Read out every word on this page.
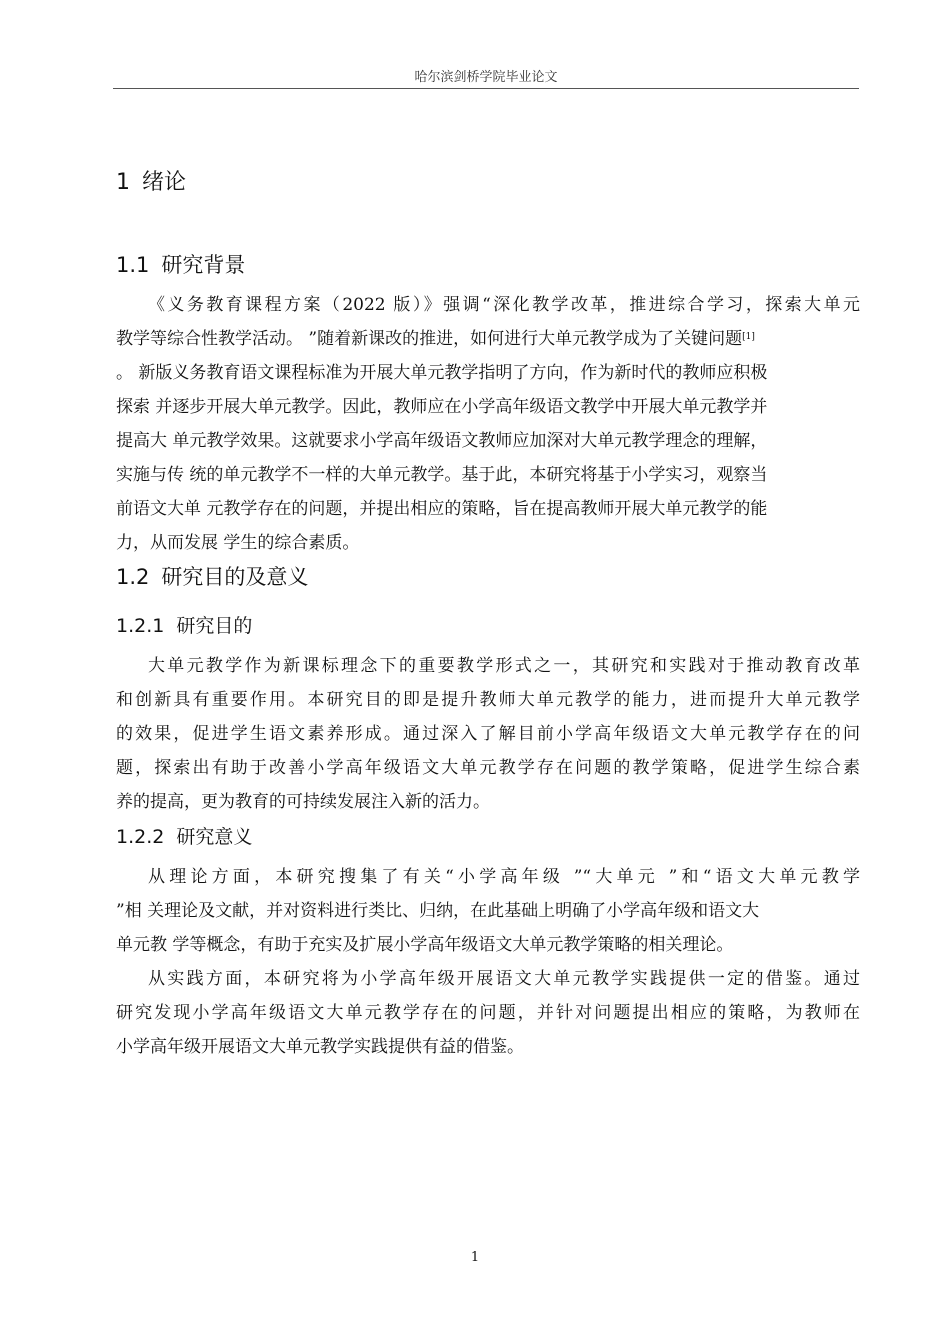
哈尔滨剑桥学院毕业论文
1 绪论
1.1 研究背景
《义务教育课程方案（2022 版）》强调“深化教学改革，推进综合学习，探索大单元
教学等综合性教学活动。 ”随着新课改的推进，如何进行大单元教学成为了关键问题[1]
。 新版义务教育语文课程标准为开展大单元教学指明了方向，作为新时代的教师应积极
探索 并逐步开展大单元教学。因此，教师应在小学高年级语文教学中开展大单元教学并
提高大 单元教学效果。这就要求小学高年级语文教师应加深对大单元教学理念的理解，
实施与传 统的单元教学不一样的大单元教学。基于此，本研究将基于小学实习，观察当
前语文大单 元教学存在的问题，并提出相应的策略，旨在提高教师开展大单元教学的能
力，从而发展 学生的综合素质。
1.2 研究目的及意义
1.2.1 研究目的
大单元教学作为新课标理念下的重要教学形式之一，其研究和实践对于推动教育改革
和创新具有重要作用。本研究目的即是提升教师大单元教学的能力，进而提升大单元教学
的效果，促进学生语文素养形成。通过深入了解目前小学高年级语文大单元教学存在的问
题，探索出有助于改善小学高年级语文大单元教学存在问题的教学策略，促进学生综合素
养的提高，更为教育的可持续发展注入新的活力。
1.2.2 研究意义
从理论方面，本研究搜集了有关“小学高年级 ”“大单元 ”和“语文大单元教学
”相 关理论及文献，并对资料进行类比、归纳，在此基础上明确了小学高年级和语文大
单元教 学等概念，有助于充实及扩展小学高年级语文大单元教学策略的相关理论。
从实践方面，本研究将为小学高年级开展语文大单元教学实践提供一定的借鉴。通过
研究发现小学高年级语文大单元教学存在的问题，并针对问题提出相应的策略，为教师在
小学高年级开展语文大单元教学实践提供有益的借鉴。
1
